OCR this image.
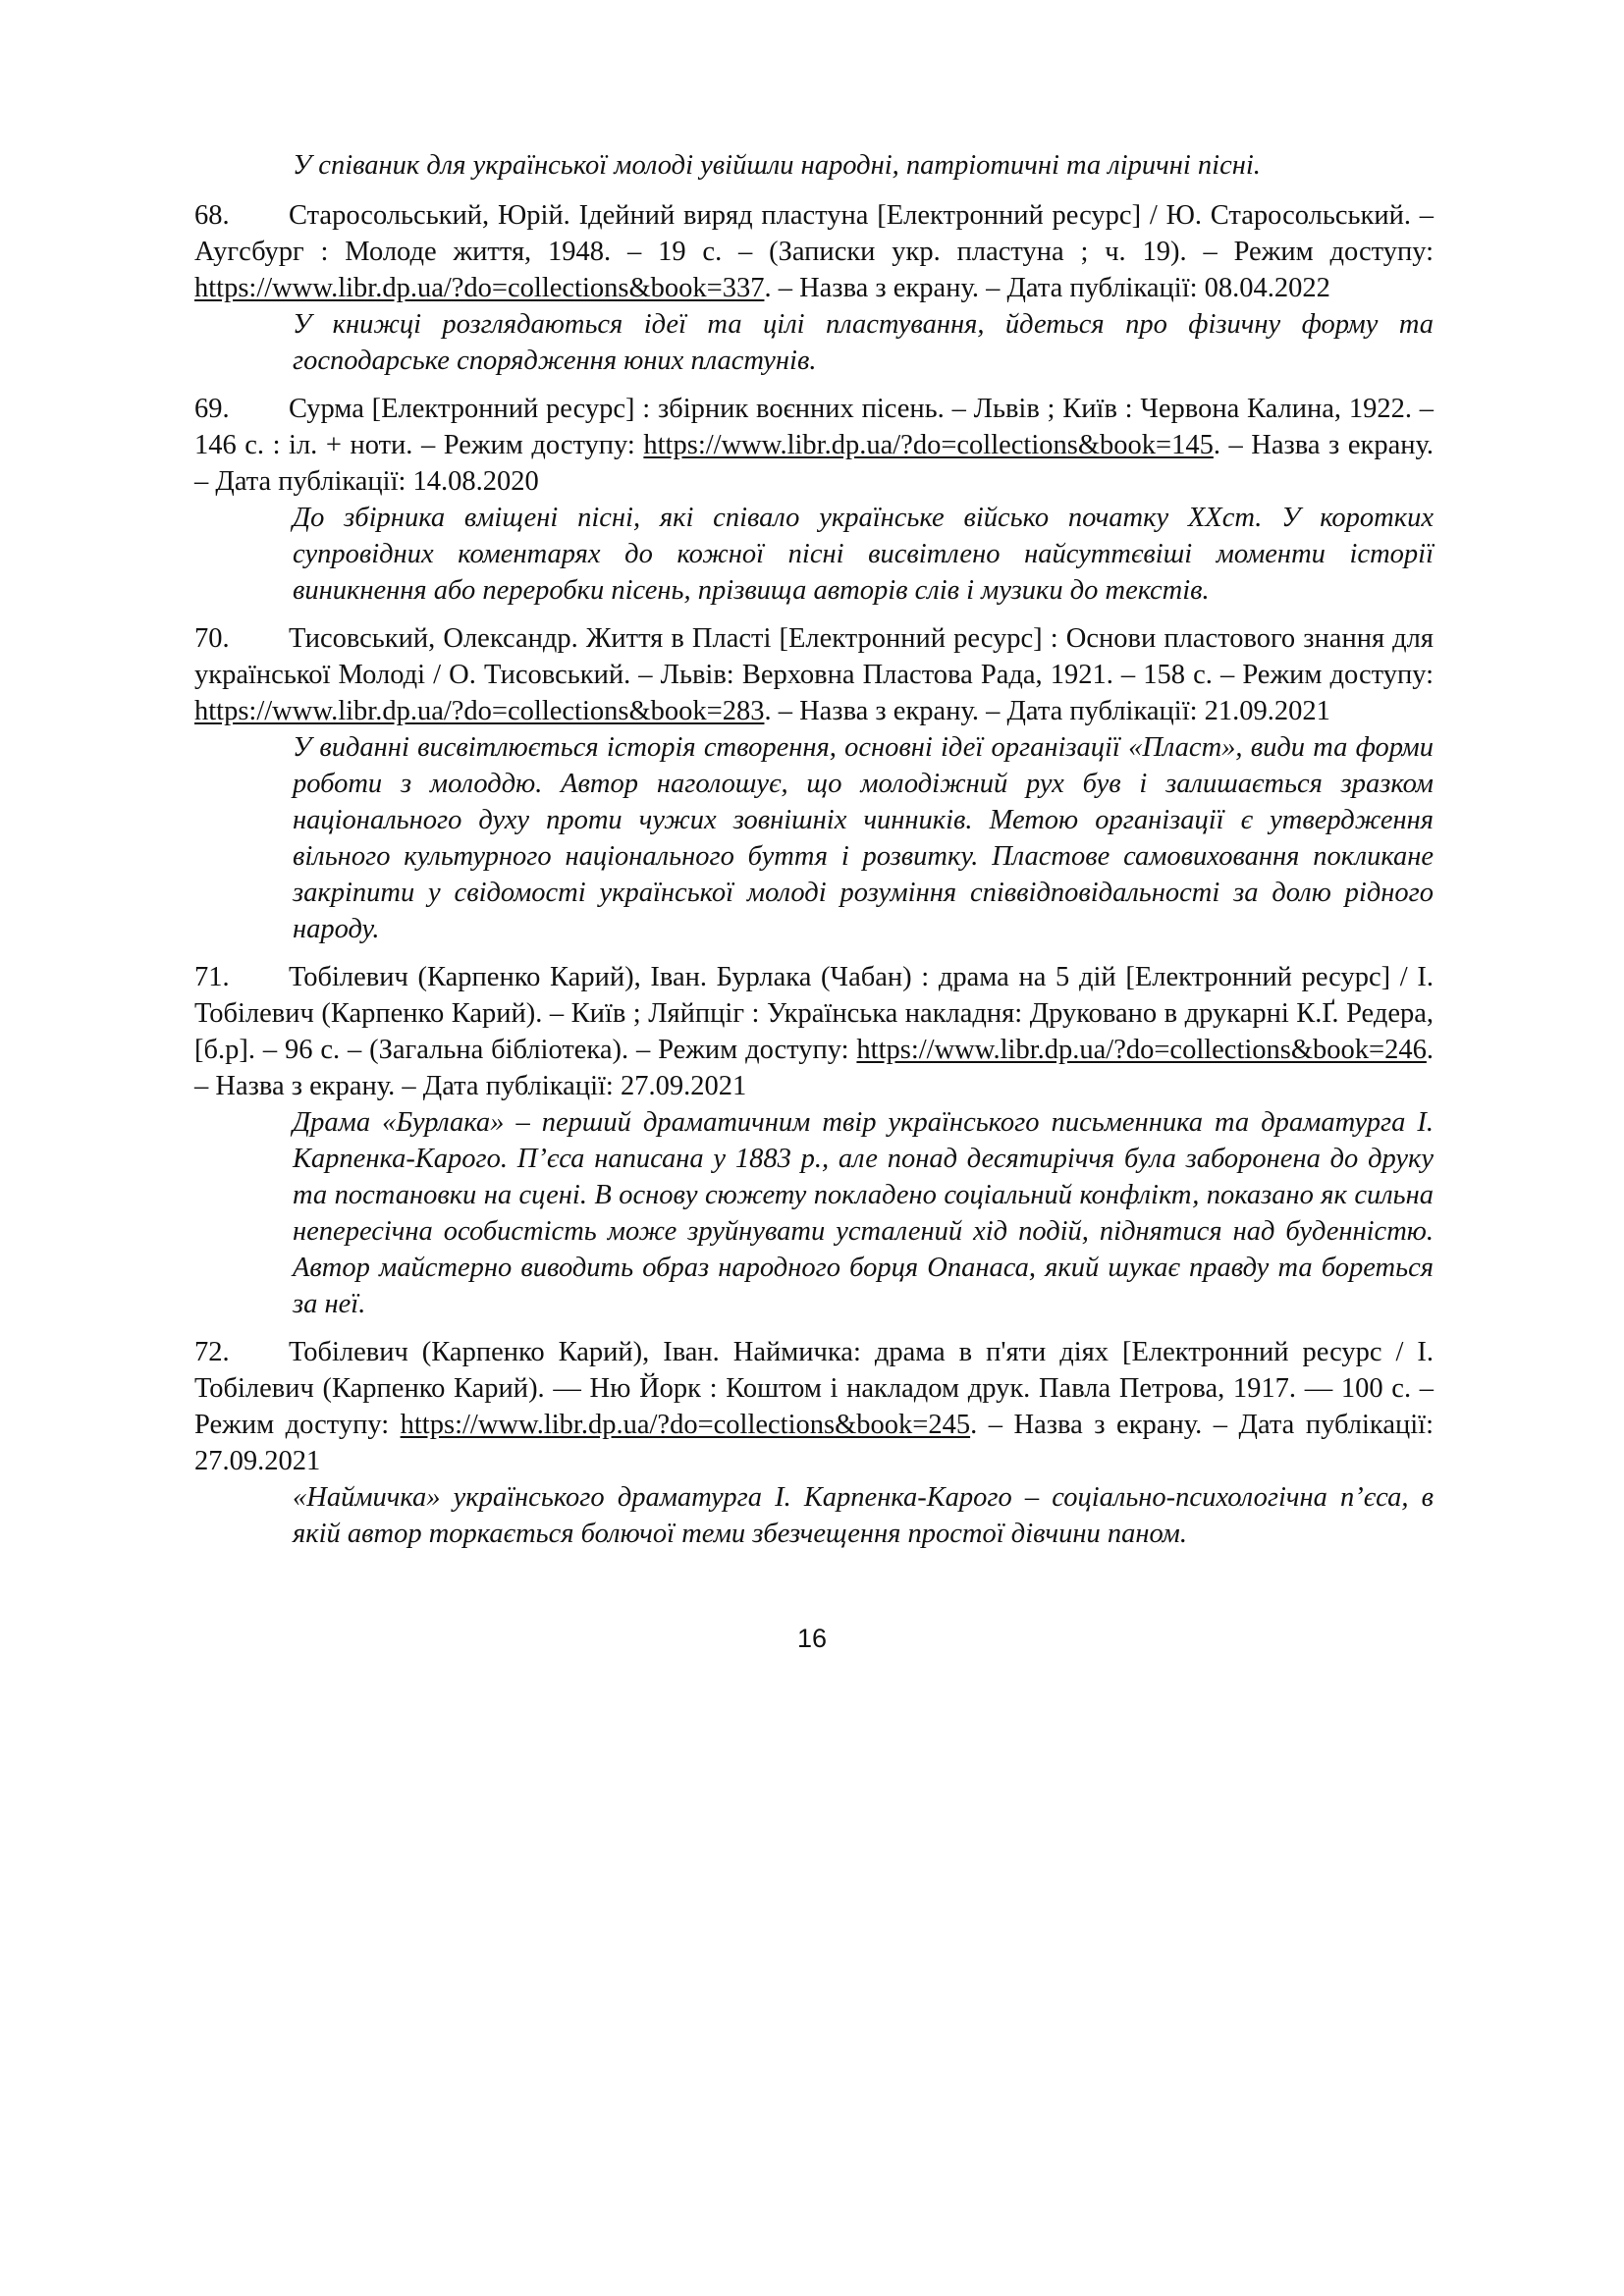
У співаник для української молоді увійшли народні, патріотичні та ліричні пісні.

68. Старосольський, Юрій. Ідейний виряд пластуна [Електронний ресурс] / Ю. Старосольський. – Аугсбург : Молоде життя, 1948. – 19 с. – (Записки укр. пластуна ; ч. 19). – Режим доступу: https://www.libr.dp.ua/?do=collections&book=337. – Назва з екрану. – Дата публікації: 08.04.2022

У книжці розглядаються ідеї та цілі пластування, йдеться про фізичну форму та господарське спорядження юних пластунів.

69. Сурма [Електронний ресурс] : збірник воєнних пісень. – Львів ; Київ : Червона Калина, 1922. – 146 с. : іл. + ноти. – Режим доступу: https://www.libr.dp.ua/?do=collections&book=145. – Назва з екрану. – Дата публікації: 14.08.2020

До збірника вміщені пісні, які співало українське військо початку ХХст. У коротких супровідних коментарях до кожної пісні висвітлено найсуттєвіші моменти історії виникнення або переробки пісень, прізвища авторів слів і музики до текстів.

70. Тисовський, Олександр. Життя в Пласті [Електронний ресурс] : Основи пластового знання для української Молоді / О. Тисовський. – Львів: Верховна Пластова Рада, 1921. – 158 с. – Режим доступу: https://www.libr.dp.ua/?do=collections&book=283. – Назва з екрану. – Дата публікації: 21.09.2021

У виданні висвітлюється історія створення, основні ідеї організації «Пласт», види та форми роботи з молоддю. Автор наголошує, що молодіжний рух був і залишається зразком національного духу проти чужих зовнішніх чинників. Метою організації є утвердження вільного культурного національного буття і розвитку. Пластове самовиховання покликане закріпити у свідомості української молоді розуміння співвідповідальності за долю рідного народу.

71. Тобілевич (Карпенко Карий), Іван. Бурлака (Чабан) : драма на 5 дій [Електронний ресурс] / І. Тобілевич (Карпенко Карий). – Київ ; Ляйпціг : Українська накладня: Друковано в друкарні К.Ґ. Редера, [б.р]. – 96 с. – (Загальна бібліотека). – Режим доступу: https://www.libr.dp.ua/?do=collections&book=246. – Назва з екрану. – Дата публікації: 27.09.2021

Драма «Бурлака» – перший драматичним твір українського письменника та драматурга І. Карпенка-Карого. П’єса написана у 1883 р., але понад десятиріччя була заборонена до друку та постановки на сцені. В основу сюжету покладено соціальний конфлікт, показано як сильна непересічна особистість може зруйнувати усталений хід подій, піднятися над буденністю. Автор майстерно виводить образ народного борця Опанаса, який шукає правду та бореться за неї.

72. Тобілевич (Карпенко Карий), Іван. Наймичка: драма в п'яти діях [Електронний ресурс / І. Тобілевич (Карпенко Карий). — Ню Йорк : Коштом і накладом друк. Павла Петрова, 1917. — 100 с. – Режим доступу: https://www.libr.dp.ua/?do=collections&book=245. – Назва з екрану. – Дата публікації: 27.09.2021

«Наймичка» українського драматурга І. Карпенка-Карого – соціально-психологічна п’єса, в якій автор торкається болючої теми збезчещення простої дівчини паном.

16
